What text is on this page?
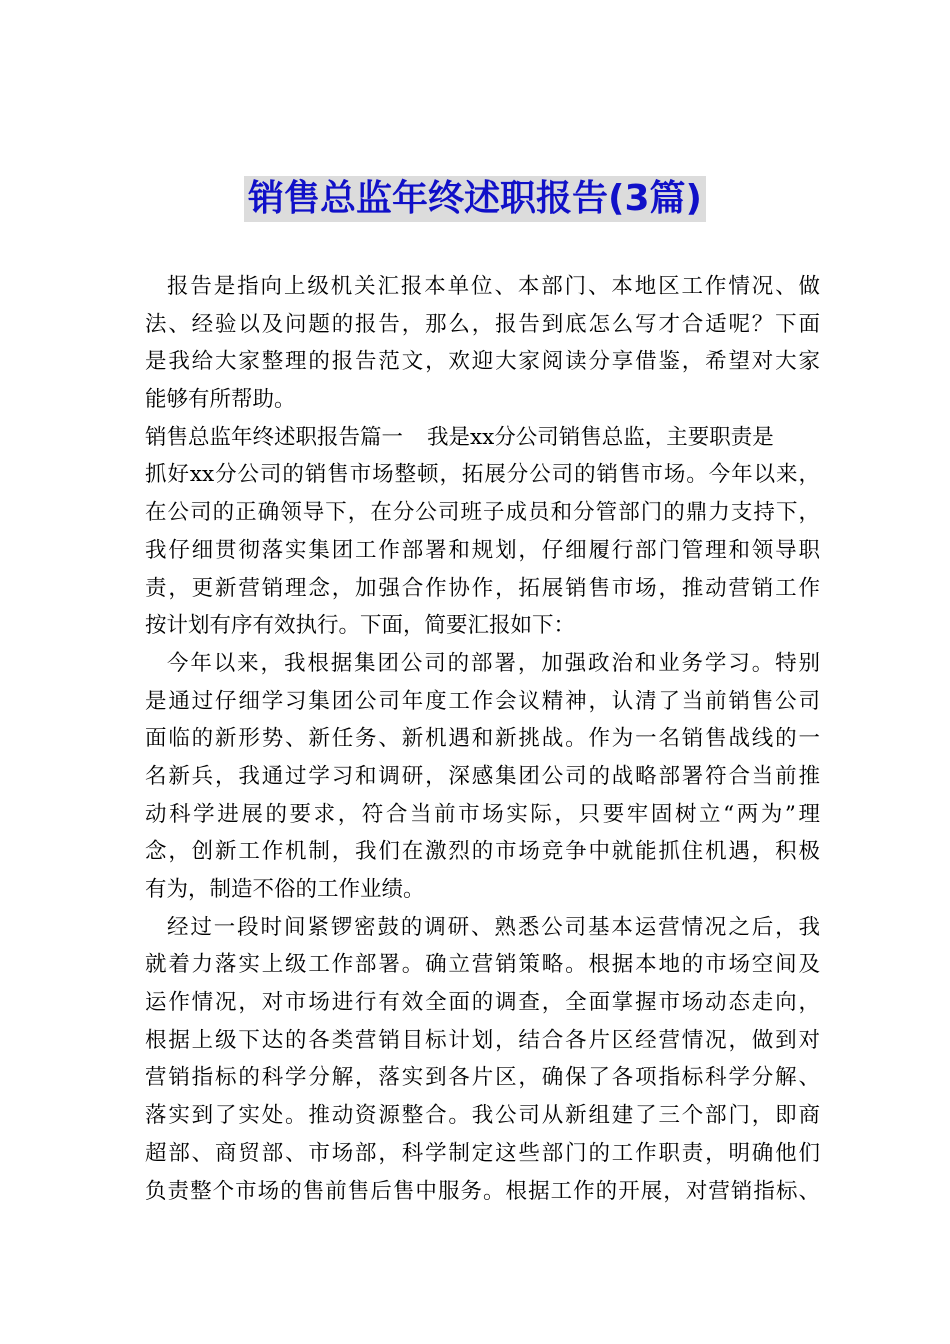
销售总监年终述职报告(3篇)
报告是指向上级机关汇报本单位、本部门、本地区工作情况、做
法、经验以及问题的报告，那么，报告到底怎么写才合适呢？下面
是我给大家整理的报告范文，欢迎大家阅读分享借鉴，希望对大家
能够有所帮助。
销售总监年终述职报告篇一 我是xx分公司销售总监，主要职责是
抓好xx分公司的销售市场整顿，拓展分公司的销售市场。今年以来，
在公司的正确领导下，在分公司班子成员和分管部门的鼎力支持下，
我仔细贯彻落实集团工作部署和规划，仔细履行部门管理和领导职
责，更新营销理念，加强合作协作，拓展销售市场，推动营销工作
按计划有序有效执行。下面，简要汇报如下：
今年以来，我根据集团公司的部署，加强政治和业务学习。特别
是通过仔细学习集团公司年度工作会议精神，认清了当前销售公司
面临的新形势、新任务、新机遇和新挑战。作为一名销售战线的一
名新兵，我通过学习和调研，深感集团公司的战略部署符合当前推
动科学进展的要求，符合当前市场实际，只要牢固树立“两为”理
念，创新工作机制，我们在激烈的市场竞争中就能抓住机遇，积极
有为，制造不俗的工作业绩。
经过一段时间紧锣密鼓的调研、熟悉公司基本运营情况之后，我
就着力落实上级工作部署。确立营销策略。根据本地的市场空间及
运作情况，对市场进行有效全面的调查，全面掌握市场动态走向，
根据上级下达的各类营销目标计划，结合各片区经营情况，做到对
营销指标的科学分解，落实到各片区，确保了各项指标科学分解、
落实到了实处。推动资源整合。我公司从新组建了三个部门，即商
超部、商贸部、市场部，科学制定这些部门的工作职责，明确他们
负责整个市场的售前售后售中服务。根据工作的开展，对营销指标、
